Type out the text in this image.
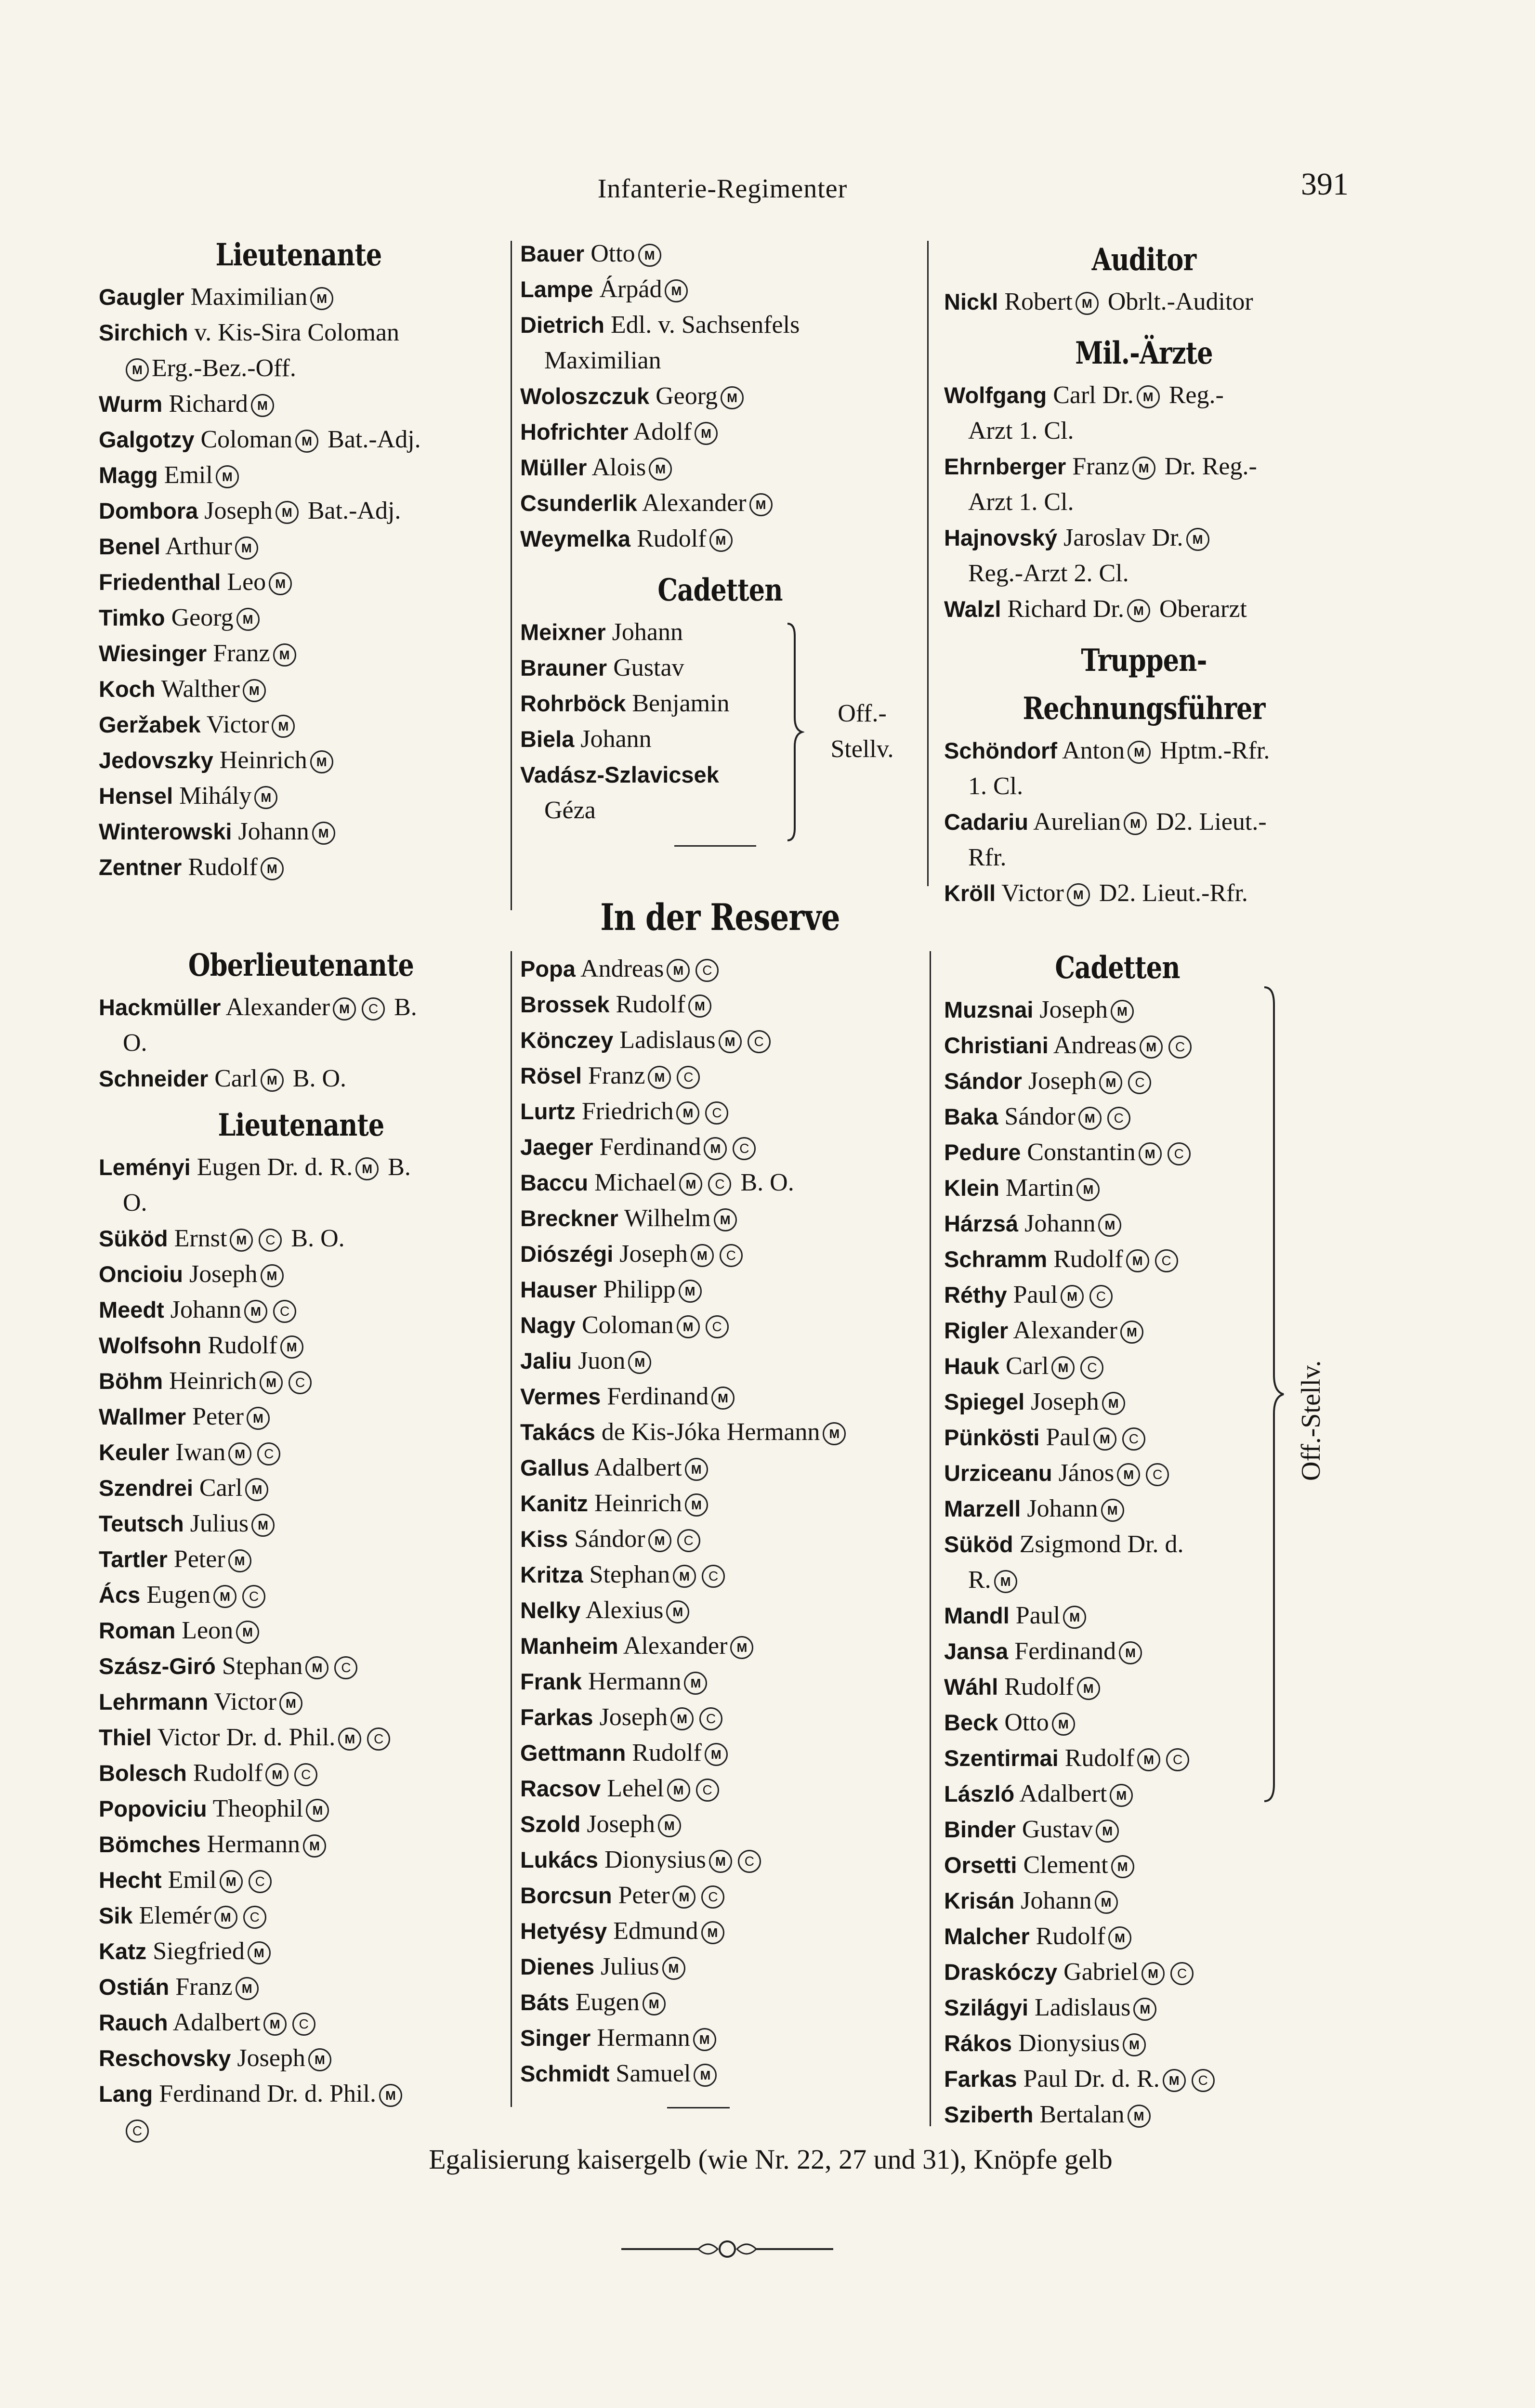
Infanterie-Regimenter	391
Lieutenante
Gaugler Maximilian M
Sirchich v. Kis-Sira Coloman
M Erg.-Bez.-Off.
Wurm Richard M
Galgotzy Coloman M Bat.-Adj.
Magg Emil M
Dombora Joseph M Bat.-Adj.
Benel Arthur M
Friedenthal Leo M
Timko Georg M
Wiesinger Franz M
Koch Walther M
Geržabek Victor M
Jedovszky Heinrich M
Hensel Mihály M
Winterowski Johann M
Zentner Rudolf M
Bauer Otto M
Lampe Árpád M
Dietrich Edl. v. Sachsenfels
Maximilian
Woloszczuk Georg M
Hofrichter Adolf M
Müller Alois M
Csunderlik Alexander M
Weymelka Rudolf M
Cadetten
Meixner Johann
Brauner Gustav
Rohrböck Benjamin
Biela Johann
Vadász-Szlavicsek
Géza
Off.-
Stellv.
Auditor
Nickl Robert M Obrlt.-Auditor
Mil.-Ärzte
Wolfgang Carl Dr. M Reg.-
Arzt 1. Cl.
Ehrnberger Franz M Dr. Reg.-
Arzt 1. Cl.
Hajnovský Jaroslav Dr. M
Reg.-Arzt 2. Cl.
Walzl Richard Dr. M Oberarzt
Truppen-Rechnungsführer
Schöndorf Anton M Hptm.-Rfr.
1. Cl.
Cadariu Aurelian M D2. Lieut.-
Rfr.
Kröll Victor M D2. Lieut.-Rfr.
In der Reserve
Oberlieutenante
Hackmüller Alexander M C B.
O.
Schneider Carl M B. O.
Lieutenante
Leményi Eugen Dr. d. R. M B.
O.
Süköd Ernst M C B. O.
Oncioiu Joseph M
Meedt Johann M C
Wolfsohn Rudolf M
Böhm Heinrich M C
Wallmer Peter M
Keuler Iwan M C
Szendrei Carl M
Teutsch Julius M
Tartler Peter M
Ács Eugen M C
Roman Leon M
Szász-Giró Stephan M C
Lehrmann Victor M
Thiel Victor Dr. d. Phil. M C
Bolesch Rudolf M C
Popoviciu Theophil M
Bömches Hermann M
Hecht Emil M C
Sik Elemér M C
Katz Siegfried M
Ostián Franz M
Rauch Adalbert M C
Reschovsky Joseph M
Lang Ferdinand Dr. d. Phil. M
C
Popa Andreas M C
Brossek Rudolf M
Könczey Ladislaus M C
Rösel Franz M C
Lurtz Friedrich M C
Jaeger Ferdinand M C
Baccu Michael M C B. O.
Breckner Wilhelm M
Diószégi Joseph M C
Hauser Philipp M
Nagy Coloman M C
Jaliu Juon M
Vermes Ferdinand M
Takács de Kis-Jóka Hermann M
Gallus Adalbert M
Kanitz Heinrich M
Kiss Sándor M C
Kritza Stephan M C
Nelky Alexius M
Manheim Alexander M
Frank Hermann M
Farkas Joseph M C
Gettmann Rudolf M
Racsov Lehel M C
Szold Joseph M
Lukács Dionysius M C
Borcsun Peter M C
Hetyésy Edmund M
Dienes Julius M
Báts Eugen M
Singer Hermann M
Schmidt Samuel M
Cadetten
Muzsnai Joseph M
Christiani Andreas M C
Sándor Joseph M C
Baka Sándor M C
Pedure Constantin M C
Klein Martin M
Hárzsá Johann M
Schramm Rudolf M C
Réthy Paul M C
Rigler Alexander M
Hauk Carl M C
Spiegel Joseph M
Pünkösti Paul M C
Urziceanu János M C
Marzell Johann M
Süköd Zsigmond Dr. d.
R. M
Mandl Paul M
Jansa Ferdinand M
Wáhl Rudolf M
Beck Otto M
Szentirmai Rudolf M C
László Adalbert M
Binder Gustav M
Orsetti Clement M
Krisán Johann M
Malcher Rudolf M
Draskóczy Gabriel M C
Szilágyi Ladislaus M
Rákos Dionysius M
Farkas Paul Dr. d. R. M C
Sziberth Bertalan M
Off.-Stellv.
Egalisierung kaisergelb (wie Nr. 22, 27 und 31), Knöpfe gelb
